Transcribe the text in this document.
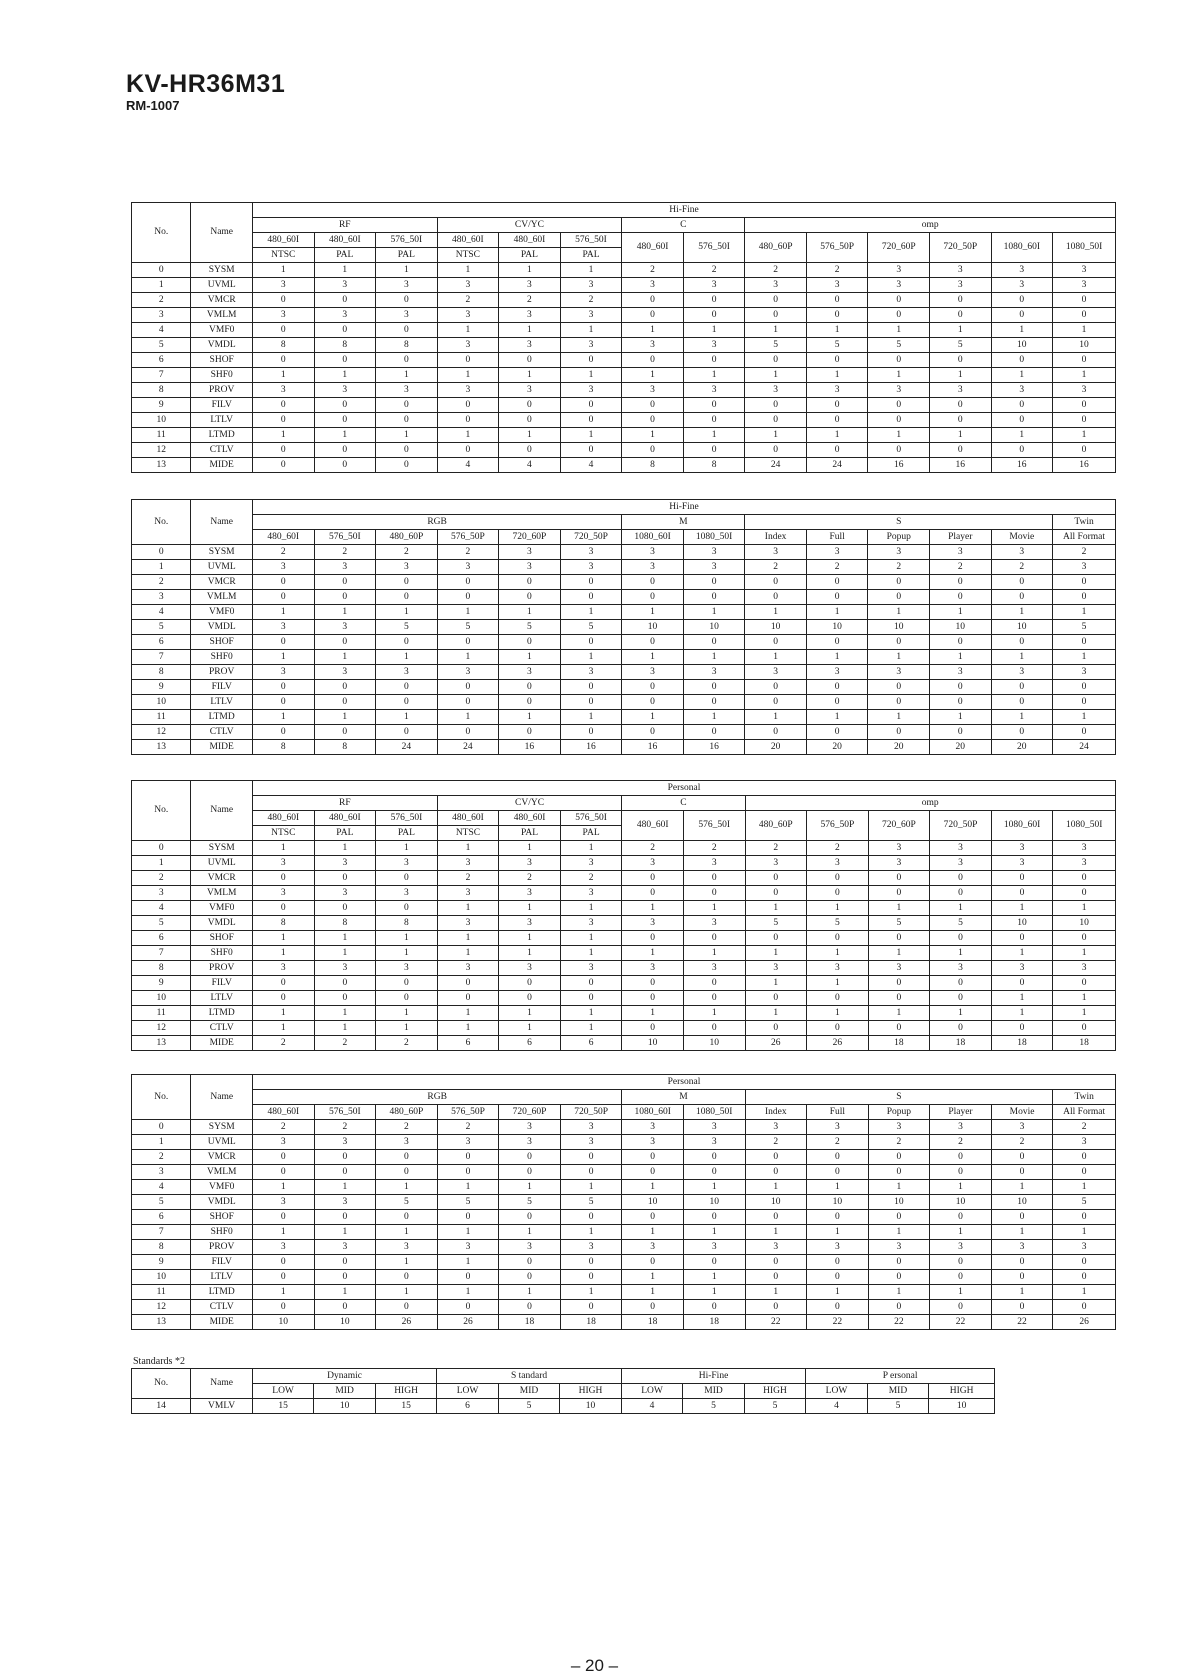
KV-HR36M31
RM-1007
No.	Name	Hi-Fine													
		RF			CV/YC			C		omp					
		480_60I	480_60I	576_50I	480_60I	480_60I	576_50I	480_60I	576_50I	480_60P	576_50P	720_60P	720_50P	1080_60I	1080_50I
		NTSC	PAL	PAL	NTSC	PAL	PAL								
0	SYSM	1	1	1	1	1	1	2	2	2	2	3	3	3	3
1	UVML	3	3	3	3	3	3	3	3	3	3	3	3	3	3
2	VMCR	0	0	0	2	2	2	0	0	0	0	0	0	0	0
3	VMLM	3	3	3	3	3	3	0	0	0	0	0	0	0	0
4	VMF0	0	0	0	1	1	1	1	1	1	1	1	1	1	1
5	VMDL	8	8	8	3	3	3	3	3	5	5	5	5	10	10
6	SHOF	0	0	0	0	0	0	0	0	0	0	0	0	0	0
7	SHF0	1	1	1	1	1	1	1	1	1	1	1	1	1	1
8	PROV	3	3	3	3	3	3	3	3	3	3	3	3	3	3
9	FILV	0	0	0	0	0	0	0	0	0	0	0	0	0	0
10	LTLV	0	0	0	0	0	0	0	0	0	0	0	0	0	0
11	LTMD	1	1	1	1	1	1	1	1	1	1	1	1	1	1
12	CTLV	0	0	0	0	0	0	0	0	0	0	0	0	0	0
13	MIDE	0	0	0	4	4	4	8	8	24	24	16	16	16	16
No.	Name	Hi-Fine													
		RGB						M		S					Twin
		480_60I	576_50I	480_60P	576_50P	720_60P	720_50P	1080_60I	1080_50I	Index	Full	Popup	Player	Movie	All Format
0	SYSM	2	2	2	2	3	3	3	3	3	3	3	3	3	2
1	UVML	3	3	3	3	3	3	3	3	2	2	2	2	2	3
2	VMCR	0	0	0	0	0	0	0	0	0	0	0	0	0	0
3	VMLM	0	0	0	0	0	0	0	0	0	0	0	0	0	0
4	VMF0	1	1	1	1	1	1	1	1	1	1	1	1	1	1
5	VMDL	3	3	5	5	5	5	10	10	10	10	10	10	10	5
6	SHOF	0	0	0	0	0	0	0	0	0	0	0	0	0	0
7	SHF0	1	1	1	1	1	1	1	1	1	1	1	1	1	1
8	PROV	3	3	3	3	3	3	3	3	3	3	3	3	3	3
9	FILV	0	0	0	0	0	0	0	0	0	0	0	0	0	0
10	LTLV	0	0	0	0	0	0	0	0	0	0	0	0	0	0
11	LTMD	1	1	1	1	1	1	1	1	1	1	1	1	1	1
12	CTLV	0	0	0	0	0	0	0	0	0	0	0	0	0	0
13	MIDE	8	8	24	24	16	16	16	16	20	20	20	20	20	24
No.	Name	Personal													
		RF			CV/YC			C		omp					
		480_60I	480_60I	576_50I	480_60I	480_60I	576_50I	480_60I	576_50I	480_60P	576_50P	720_60P	720_50P	1080_60I	1080_50I
		NTSC	PAL	PAL	NTSC	PAL	PAL								
0	SYSM	1	1	1	1	1	1	2	2	2	2	3	3	3	3
1	UVML	3	3	3	3	3	3	3	3	3	3	3	3	3	3
2	VMCR	0	0	0	2	2	2	0	0	0	0	0	0	0	0
3	VMLM	3	3	3	3	3	3	0	0	0	0	0	0	0	0
4	VMF0	0	0	0	1	1	1	1	1	1	1	1	1	1	1
5	VMDL	8	8	8	3	3	3	3	3	5	5	5	5	10	10
6	SHOF	1	1	1	1	1	1	0	0	0	0	0	0	0	0
7	SHF0	1	1	1	1	1	1	1	1	1	1	1	1	1	1
8	PROV	3	3	3	3	3	3	3	3	3	3	3	3	3	3
9	FILV	0	0	0	0	0	0	0	0	1	1	0	0	0	0
10	LTLV	0	0	0	0	0	0	0	0	0	0	0	0	1	1
11	LTMD	1	1	1	1	1	1	1	1	1	1	1	1	1	1
12	CTLV	1	1	1	1	1	1	0	0	0	0	0	0	0	0
13	MIDE	2	2	2	6	6	6	10	10	26	26	18	18	18	18
No.	Name	Personal													
		RGB						M		S					Twin
		480_60I	576_50I	480_60P	576_50P	720_60P	720_50P	1080_60I	1080_50I	Index	Full	Popup	Player	Movie	All Format
0	SYSM	2	2	2	2	3	3	3	3	3	3	3	3	3	2
1	UVML	3	3	3	3	3	3	3	3	2	2	2	2	2	3
2	VMCR	0	0	0	0	0	0	0	0	0	0	0	0	0	0
3	VMLM	0	0	0	0	0	0	0	0	0	0	0	0	0	0
4	VMF0	1	1	1	1	1	1	1	1	1	1	1	1	1	1
5	VMDL	3	3	5	5	5	5	10	10	10	10	10	10	10	5
6	SHOF	0	0	0	0	0	0	0	0	0	0	0	0	0	0
7	SHF0	1	1	1	1	1	1	1	1	1	1	1	1	1	1
8	PROV	3	3	3	3	3	3	3	3	3	3	3	3	3	3
9	FILV	0	0	1	1	0	0	0	0	0	0	0	0	0	0
10	LTLV	0	0	0	0	0	0	1	1	0	0	0	0	0	0
11	LTMD	1	1	1	1	1	1	1	1	1	1	1	1	1	1
12	CTLV	0	0	0	0	0	0	0	0	0	0	0	0	0	0
13	MIDE	10	10	26	26	18	18	18	18	22	22	22	22	22	26
Standards *2
No.	Name	Dynamic			S tandard			Hi-Fine			P ersonal		
		LOW	MID	HIGH	LOW	MID	HIGH	LOW	MID	HIGH	LOW	MID	HIGH
14	VMLV	15	10	15	6	5	10	4	5	5	4	5	10
– 20 –
